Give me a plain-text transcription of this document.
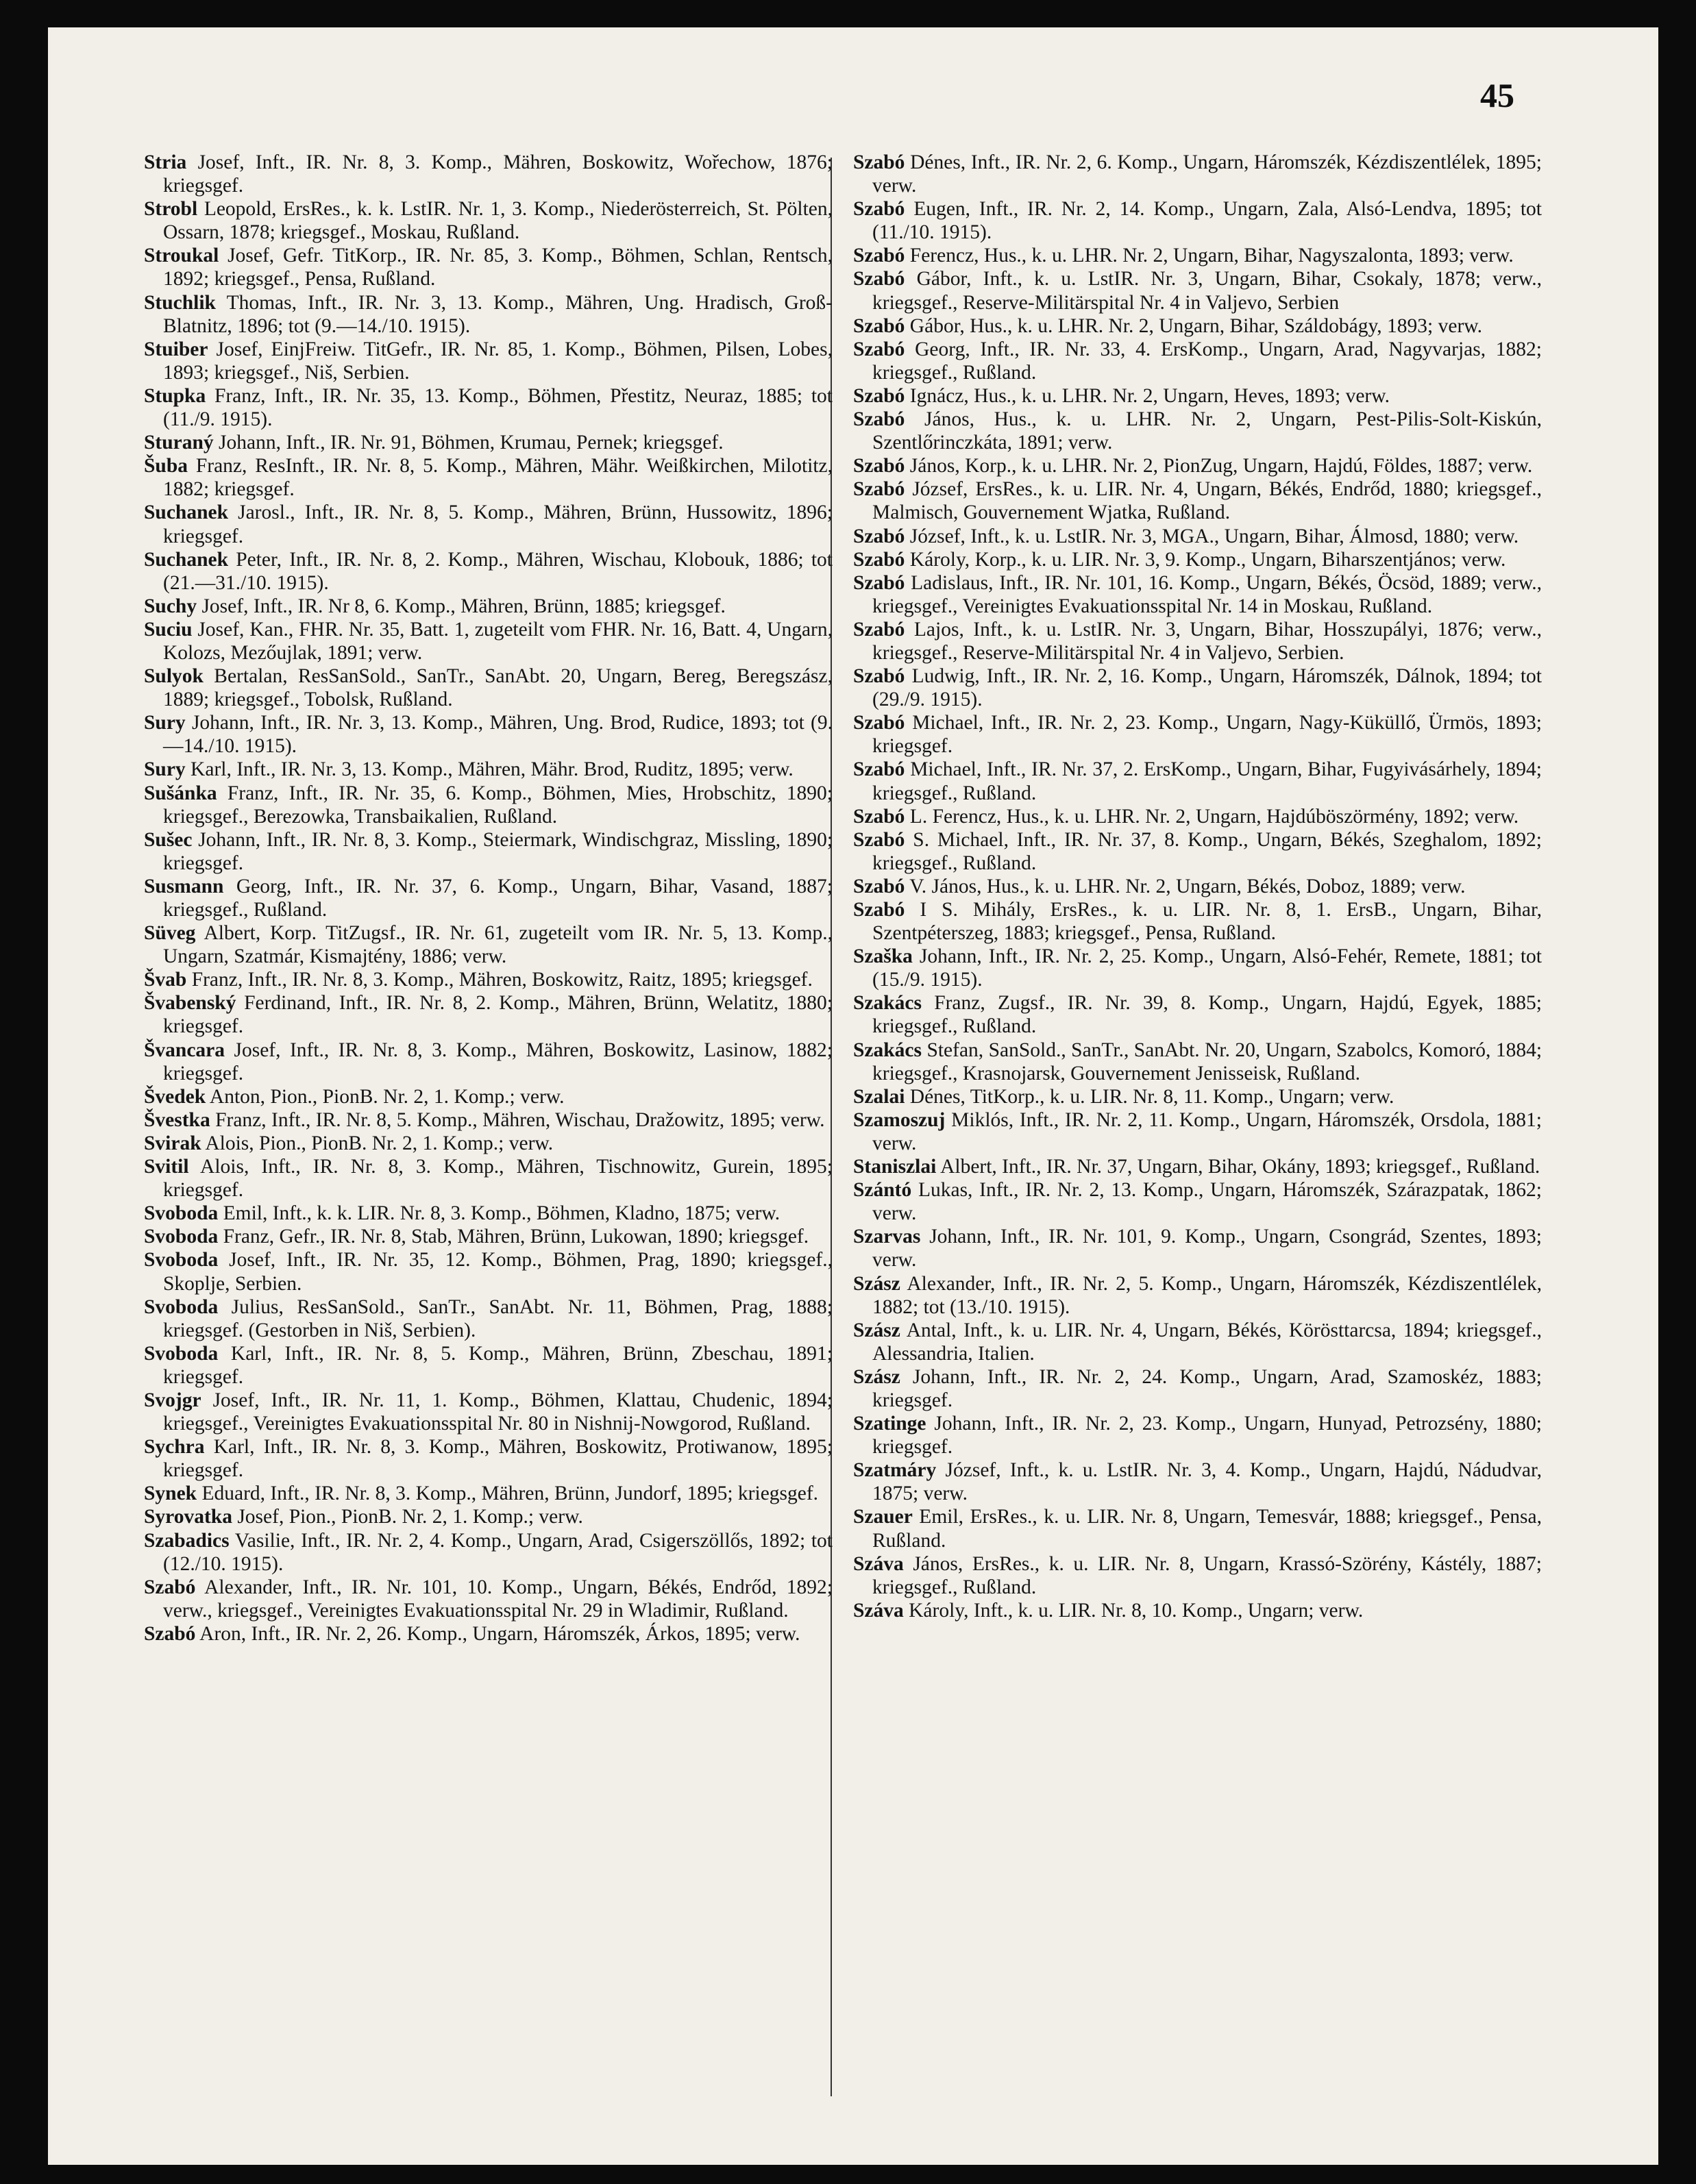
45

Stria Josef, Inft., IR. Nr. 8, 3. Komp., Mähren, Boskowitz, Wořechow, 1876; kriegsgef.

Strobl Leopold, ErsRes., k. k. LstIR. Nr. 1, 3. Komp., Niederösterreich, St. Pölten, Ossarn, 1878; kriegsgef., Moskau, Rußland.

Stroukal Josef, Gefr. TitKorp., IR. Nr. 85, 3. Komp., Böhmen, Schlan, Rentsch, 1892; kriegsgef., Pensa, Rußland.

Stuchlik Thomas, Inft., IR. Nr. 3, 13. Komp., Mähren, Ung. Hradisch, Groß-Blatnitz, 1896; tot (9.—14./10. 1915).

Stuiber Josef, EinjFreiw. TitGefr., IR. Nr. 85, 1. Komp., Böhmen, Pilsen, Lobes, 1893; kriegsgef., Niš, Serbien.

Stupka Franz, Inft., IR. Nr. 35, 13. Komp., Böhmen, Přestitz, Neuraz, 1885; tot (11./9. 1915).

Sturaný Johann, Inft., IR. Nr. 91, Böhmen, Krumau, Pernek; kriegsgef.

Šuba Franz, ResInft., IR. Nr. 8, 5. Komp., Mähren, Mähr. Weißkirchen, Milotitz, 1882; kriegsgef.

Suchanek Jarosl., Inft., IR. Nr. 8, 5. Komp., Mähren, Brünn, Hussowitz, 1896; kriegsgef.

Suchanek Peter, Inft., IR. Nr. 8, 2. Komp., Mähren, Wischau, Klobouk, 1886; tot (21.—31./10. 1915).

Suchy Josef, Inft., IR. Nr 8, 6. Komp., Mähren, Brünn, 1885; kriegsgef.

Suciu Josef, Kan., FHR. Nr. 35, Batt. 1, zugeteilt vom FHR. Nr. 16, Batt. 4, Ungarn, Kolozs, Mezőujlak, 1891; verw.

Sulyok Bertalan, ResSanSold., SanTr., SanAbt. 20, Ungarn, Bereg, Beregszász, 1889; kriegsgef., Tobolsk, Rußland.

Sury Johann, Inft., IR. Nr. 3, 13. Komp., Mähren, Ung. Brod, Rudice, 1893; tot (9.—14./10. 1915).

Sury Karl, Inft., IR. Nr. 3, 13. Komp., Mähren, Mähr. Brod, Ruditz, 1895; verw.

Sušánka Franz, Inft., IR. Nr. 35, 6. Komp., Böhmen, Mies, Hrobschitz, 1890; kriegsgef., Berezowka, Transbaikalien, Rußland.

Sušec Johann, Inft., IR. Nr. 8, 3. Komp., Steiermark, Windischgraz, Missling, 1890; kriegsgef.

Susmann Georg, Inft., IR. Nr. 37, 6. Komp., Ungarn, Bihar, Vasand, 1887; kriegsgef., Rußland.

Süveg Albert, Korp. TitZugsf., IR. Nr. 61, zugeteilt vom IR. Nr. 5, 13. Komp., Ungarn, Szatmár, Kismajtény, 1886; verw.

Švab Franz, Inft., IR. Nr. 8, 3. Komp., Mähren, Boskowitz, Raitz, 1895; kriegsgef.

Švabenský Ferdinand, Inft., IR. Nr. 8, 2. Komp., Mähren, Brünn, Welatitz, 1880; kriegsgef.

Švancara Josef, Inft., IR. Nr. 8, 3. Komp., Mähren, Boskowitz, Lasinow, 1882; kriegsgef.

Švedek Anton, Pion., PionB. Nr. 2, 1. Komp.; verw.

Švestka Franz, Inft., IR. Nr. 8, 5. Komp., Mähren, Wischau, Dražowitz, 1895; verw.

Svirak Alois, Pion., PionB. Nr. 2, 1. Komp.; verw.

Svitil Alois, Inft., IR. Nr. 8, 3. Komp., Mähren, Tischnowitz, Gurein, 1895; kriegsgef.

Svoboda Emil, Inft., k. k. LIR. Nr. 8, 3. Komp., Böhmen, Kladno, 1875; verw.

Svoboda Franz, Gefr., IR. Nr. 8, Stab, Mähren, Brünn, Lukowan, 1890; kriegsgef.

Svoboda Josef, Inft., IR. Nr. 35, 12. Komp., Böhmen, Prag, 1890; kriegsgef., Skoplje, Serbien.

Svoboda Julius, ResSanSold., SanTr., SanAbt. Nr. 11, Böhmen, Prag, 1888; kriegsgef. (Gestorben in Niš, Serbien).

Svoboda Karl, Inft., IR. Nr. 8, 5. Komp., Mähren, Brünn, Zbeschau, 1891; kriegsgef.

Svojgr Josef, Inft., IR. Nr. 11, 1. Komp., Böhmen, Klattau, Chudenic, 1894; kriegsgef., Vereinigtes Evakuationsspital Nr. 80 in Nishnij-Nowgorod, Rußland.

Sychra Karl, Inft., IR. Nr. 8, 3. Komp., Mähren, Boskowitz, Protiwanow, 1895; kriegsgef.

Synek Eduard, Inft., IR. Nr. 8, 3. Komp., Mähren, Brünn, Jundorf, 1895; kriegsgef.

Syrovatka Josef, Pion., PionB. Nr. 2, 1. Komp.; verw.

Szabadics Vasilie, Inft., IR. Nr. 2, 4. Komp., Ungarn, Arad, Csigerszöllős, 1892; tot (12./10. 1915).

Szabó Alexander, Inft., IR. Nr. 101, 10. Komp., Ungarn, Békés, Endrőd, 1892; verw., kriegsgef., Vereinigtes Evakuationsspital Nr. 29 in Wladimir, Rußland.

Szabó Aron, Inft., IR. Nr. 2, 26. Komp., Ungarn, Háromszék, Árkos, 1895; verw.

Szabó Dénes, Inft., IR. Nr. 2, 6. Komp., Ungarn, Háromszék, Kézdiszentlélek, 1895; verw.

Szabó Eugen, Inft., IR. Nr. 2, 14. Komp., Ungarn, Zala, Alsó-Lendva, 1895; tot (11./10. 1915).

Szabó Ferencz, Hus., k. u. LHR. Nr. 2, Ungarn, Bihar, Nagyszalonta, 1893; verw.

Szabó Gábor, Inft., k. u. LstIR. Nr. 3, Ungarn, Bihar, Csokaly, 1878; verw., kriegsgef., Reserve-Militärspital Nr. 4 in Valjevo, Serbien

Szabó Gábor, Hus., k. u. LHR. Nr. 2, Ungarn, Bihar, Száldobágy, 1893; verw.

Szabó Georg, Inft., IR. Nr. 33, 4. ErsKomp., Ungarn, Arad, Nagyvarjas, 1882; kriegsgef., Rußland.

Szabó Ignácz, Hus., k. u. LHR. Nr. 2, Ungarn, Heves, 1893; verw.

Szabó János, Hus., k. u. LHR. Nr. 2, Ungarn, Pest-Pilis-Solt-Kiskún, Szentlőrinczkáta, 1891; verw.

Szabó János, Korp., k. u. LHR. Nr. 2, PionZug, Ungarn, Hajdú, Földes, 1887; verw.

Szabó József, ErsRes., k. u. LIR. Nr. 4, Ungarn, Békés, Endrőd, 1880; kriegsgef., Malmisch, Gouvernement Wjatka, Rußland.

Szabó József, Inft., k. u. LstIR. Nr. 3, MGA., Ungarn, Bihar, Álmosd, 1880; verw.

Szabó Károly, Korp., k. u. LIR. Nr. 3, 9. Komp., Ungarn, Biharszentjános; verw.

Szabó Ladislaus, Inft., IR. Nr. 101, 16. Komp., Ungarn, Békés, Öcsöd, 1889; verw., kriegsgef., Vereinigtes Evakuationsspital Nr. 14 in Moskau, Rußland.

Szabó Lajos, Inft., k. u. LstIR. Nr. 3, Ungarn, Bihar, Hosszupályi, 1876; verw., kriegsgef., Reserve-Militärspital Nr. 4 in Valjevo, Serbien.

Szabó Ludwig, Inft., IR. Nr. 2, 16. Komp., Ungarn, Háromszék, Dálnok, 1894; tot (29./9. 1915).

Szabó Michael, Inft., IR. Nr. 2, 23. Komp., Ungarn, Nagy-Küküllő, Ürmös, 1893; kriegsgef.

Szabó Michael, Inft., IR. Nr. 37, 2. ErsKomp., Ungarn, Bihar, Fugyivásárhely, 1894; kriegsgef., Rußland.

Szabó L. Ferencz, Hus., k. u. LHR. Nr. 2, Ungarn, Hajdúböszörmény, 1892; verw.

Szabó S. Michael, Inft., IR. Nr. 37, 8. Komp., Ungarn, Békés, Szeghalom, 1892; kriegsgef., Rußland.

Szabó V. János, Hus., k. u. LHR. Nr. 2, Ungarn, Békés, Doboz, 1889; verw.

Szabó I S. Mihály, ErsRes., k. u. LIR. Nr. 8, 1. ErsB., Ungarn, Bihar, Szentpéterszeg, 1883; kriegsgef., Pensa, Rußland.

Szaška Johann, Inft., IR. Nr. 2, 25. Komp., Ungarn, Alsó-Fehér, Remete, 1881; tot (15./9. 1915).

Szakács Franz, Zugsf., IR. Nr. 39, 8. Komp., Ungarn, Hajdú, Egyek, 1885; kriegsgef., Rußland.

Szakács Stefan, SanSold., SanTr., SanAbt. Nr. 20, Ungarn, Szabolcs, Komoró, 1884; kriegsgef., Krasnojarsk, Gouvernement Jenisseisk, Rußland.

Szalai Dénes, TitKorp., k. u. LIR. Nr. 8, 11. Komp., Ungarn; verw.

Szamoszuj Miklós, Inft., IR. Nr. 2, 11. Komp., Ungarn, Háromszék, Orsdola, 1881; verw.

Staniszlai Albert, Inft., IR. Nr. 37, Ungarn, Bihar, Okány, 1893; kriegsgef., Rußland.

Szántó Lukas, Inft., IR. Nr. 2, 13. Komp., Ungarn, Háromszék, Szárazpatak, 1862; verw.

Szarvas Johann, Inft., IR. Nr. 101, 9. Komp., Ungarn, Csongrád, Szentes, 1893; verw.

Szász Alexander, Inft., IR. Nr. 2, 5. Komp., Ungarn, Háromszék, Kézdiszentlélek, 1882; tot (13./10. 1915).

Szász Antal, Inft., k. u. LIR. Nr. 4, Ungarn, Békés, Körösttarcsa, 1894; kriegsgef., Alessandria, Italien.

Szász Johann, Inft., IR. Nr. 2, 24. Komp., Ungarn, Arad, Szamoskéz, 1883; kriegsgef.

Szatinge Johann, Inft., IR. Nr. 2, 23. Komp., Ungarn, Hunyad, Petrozsény, 1880; kriegsgef.

Szatmáry József, Inft., k. u. LstIR. Nr. 3, 4. Komp., Ungarn, Hajdú, Nádudvar, 1875; verw.

Szauer Emil, ErsRes., k. u. LIR. Nr. 8, Ungarn, Temesvár, 1888; kriegsgef., Pensa, Rußland.

Száva János, ErsRes., k. u. LIR. Nr. 8, Ungarn, Krassó-Szörény, Kástély, 1887; kriegsgef., Rußland.

Száva Károly, Inft., k. u. LIR. Nr. 8, 10. Komp., Ungarn; verw.
